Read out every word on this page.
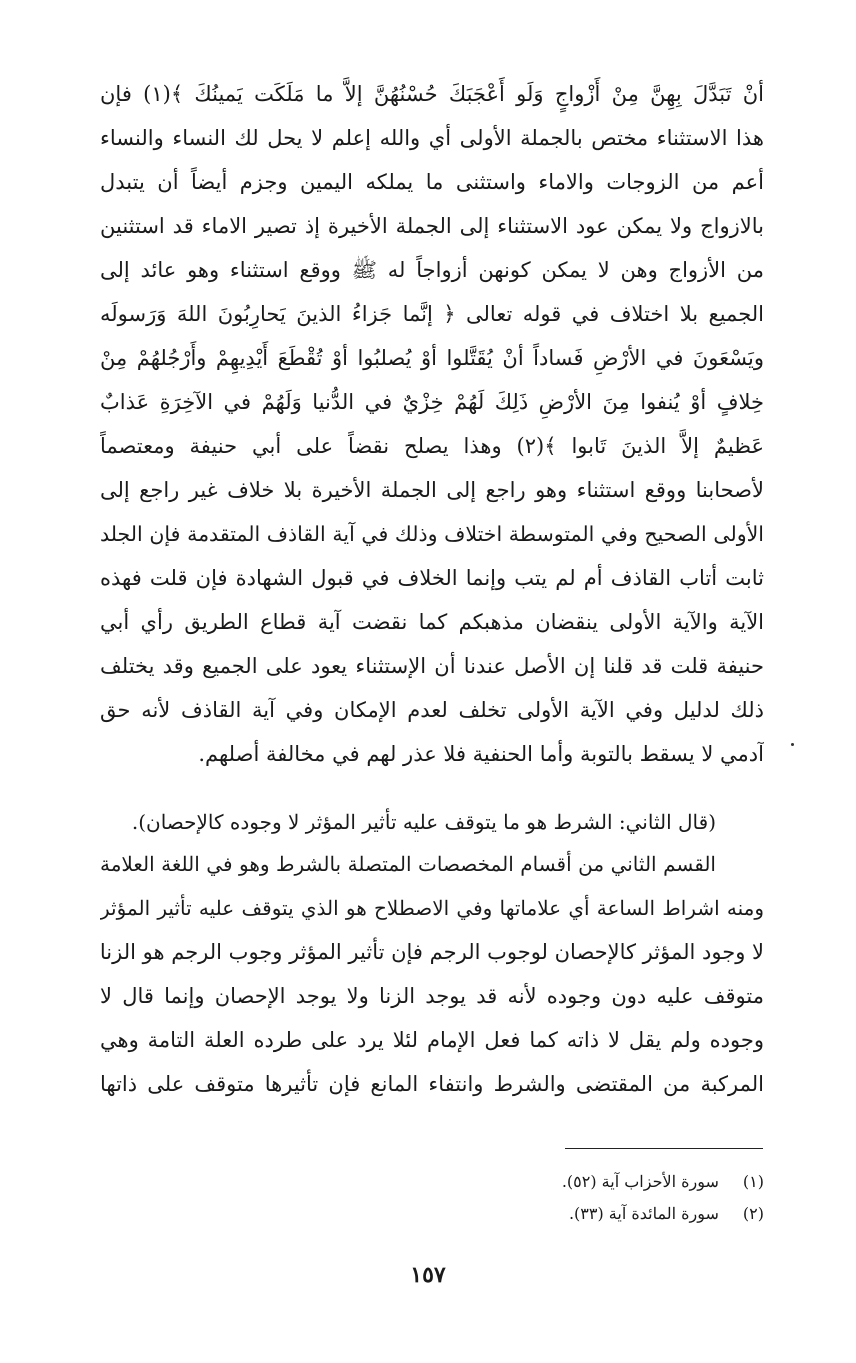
أنْ تَبَدَّلَ بِهِنَّ مِنْ أَزْواجٍ وَلَو أَعْجَبَكَ حُسْنُهُنَّ إلاَّ ما مَلَكَت يَمينُكَ ﴾(١) فإن
هذا الاستثناء مختص بالجملة الأولى أي والله إعلم لا يحل لك النساء والنساء
أعم من الزوجات والاماء واستثنى ما يملكه اليمين وجزم أيضاً أن يتبدل
بالازواج ولا يمكن عود الاستثناء إلى الجملة الأخيرة إذ تصير الاماء قد استثنين
من الأزواج وهن لا يمكن كونهن أزواجاً له ﷺ ووقع استثناء وهو عائد إلى
الجميع بلا اختلاف في قوله تعالى ﴿ إنَّما جَزاءُ الذينَ يَحارِبُونَ اللهَ وَرَسولَه
ويَسْعَونَ في الأرْضِ فَساداً أنْ يُقَتَّلوا أوْ يُصلبُوا أوْ تُقْطَعَ أَيْدِيهِمْ وأَرْجُلهُمْ مِنْ
خِلافٍ أوْ يُنفوا مِنَ الأرْضِ ذَلِكَ لَهُمْ خِزْيٌ في الدُّنيا وَلَهُمْ في الآخِرَةِ عَذابٌ
عَظيمٌ إلاَّ الذينَ تَابوا ﴾(٢) وهذا يصلح نقضاً على أبي حنيفة ومعتصماً
لأصحابنا ووقع استثناء وهو راجع إلى الجملة الأخيرة بلا خلاف غير راجع إلى
الأولى الصحيح وفي المتوسطة اختلاف وذلك في آية القاذف المتقدمة فإن الجلد
ثابت أتاب القاذف أم لم يتب وإنما الخلاف في قبول الشهادة فإن قلت فهذه
الآية والآية الأولى ينقضان مذهبكم كما نقضت آية قطاع الطريق رأي أبي
حنيفة قلت قد قلنا إن الأصل عندنا أن الإستثناء يعود على الجميع وقد يختلف
ذلك لدليل وفي الآية الأولى تخلف لعدم الإمكان وفي آية القاذف لأنه حق
آدمي لا يسقط بالتوبة وأما الحنفية فلا عذر لهم في مخالفة أصلهم.
(قال الثاني: الشرط هو ما يتوقف عليه تأثير المؤثر لا وجوده كالإحصان).
القسم الثاني من أقسام المخصصات المتصلة بالشرط وهو في اللغة العلامة
ومنه اشراط الساعة أي علاماتها وفي الاصطلاح هو الذي يتوقف عليه تأثير المؤثر
لا وجود المؤثر كالإحصان لوجوب الرجم فإن تأثير المؤثر وجوب الرجم هو الزنا
متوقف عليه دون وجوده لأنه قد يوجد الزنا ولا يوجد الإحصان وإنما قال لا
وجوده ولم يقل لا ذاته كما فعل الإمام لئلا يرد على طرده العلة التامة وهي
المركبة من المقتضى والشرط وانتفاء المانع فإن تأثيرها متوقف على ذاتها
(١) سورة الأحزاب آية (٥٢).
(٢) سورة المائدة آية (٣٣).
١٥٧
